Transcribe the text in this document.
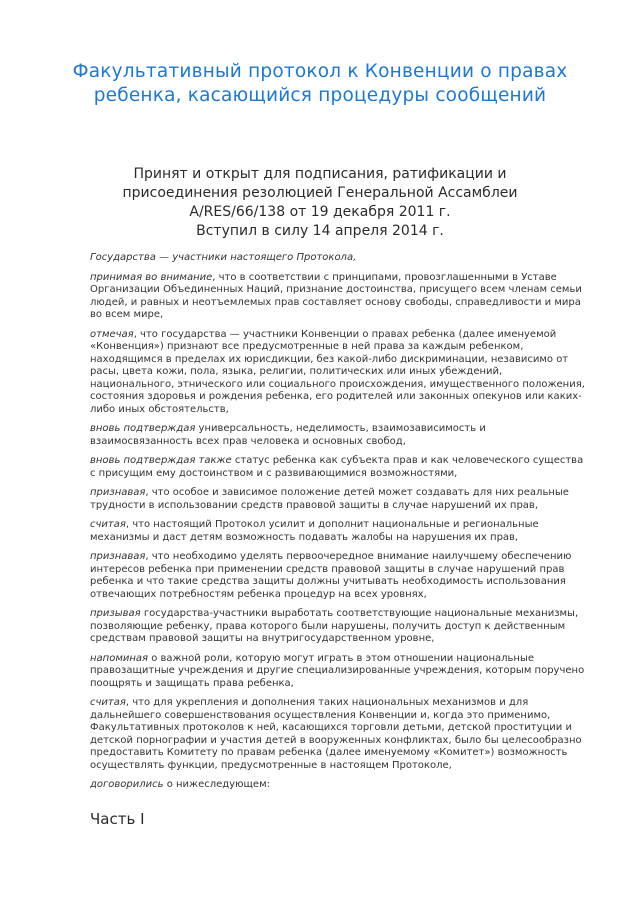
Факультативный протокол к Конвенции о правах ребенка, касающийся процедуры сообщений
Принят и открыт для подписания, ратификации и
присоединения резолюцией Генеральной Ассамблеи
A/RES/66/138 от 19 декабря 2011 г.
Вступил в силу 14 апреля 2014 г.

Государства — участники настоящего Протокола,

принимая во внимание, что в соответствии с принципами, провозглашенными в Уставе Организации Объединенных Наций, признание достоинства, присущего всем членам семьи людей, и равных и неотъемлемых прав составляет основу свободы, справедливости и мира во всем мире,

отмечая, что государства — участники Конвенции о правах ребенка (далее именуемой «Конвенция») признают все предусмотренные в ней права за каждым ребенком, находящимся в пределах их юрисдикции, без какой-либо дискриминации, независимо от расы, цвета кожи, пола, языка, религии, политических или иных убеждений, национального, этнического или социального происхождения, имущественного положения, состояния здоровья и рождения ребенка, его родителей или законных опекунов или каких-либо иных обстоятельств,

вновь подтверждая универсальность, неделимость, взаимозависимость и взаимосвязанность всех прав человека и основных свобод,

вновь подтверждая также статус ребенка как субъекта прав и как человеческого существа с присущим ему достоинством и с развивающимися возможностями,

признавая, что особое и зависимое положение детей может создавать для них реальные трудности в использовании средств правовой защиты в случае нарушений их прав,

считая, что настоящий Протокол усилит и дополнит национальные и региональные механизмы и даст детям возможность подавать жалобы на нарушения их прав,

признавая, что необходимо уделять первоочередное внимание наилучшему обеспечению интересов ребенка при применении средств правовой защиты в случае нарушений прав ребенка и что такие средства защиты должны учитывать необходимость использования отвечающих потребностям ребенка процедур на всех уровнях,

призывая государства-участники выработать соответствующие национальные механизмы, позволяющие ребенку, права которого были нарушены, получить доступ к действенным средствам правовой защиты на внутригосударственном уровне,

напоминая о важной роли, которую могут играть в этом отношении национальные правозащитные учреждения и другие специализированные учреждения, которым поручено поощрять и защищать права ребенка,

считая, что для укрепления и дополнения таких национальных механизмов и для дальнейшего совершенствования осуществления Конвенции и, когда это применимо, Факультативных протоколов к ней, касающихся торговли детьми, детской проституции и детской порнографии и участия детей в вооруженных конфликтах, было бы целесообразно предоставить Комитету по правам ребенка (далее именуемому «Комитет») возможность осуществлять функции, предусмотренные в настоящем Протоколе,

договорились о нижеследующем:

Часть I
